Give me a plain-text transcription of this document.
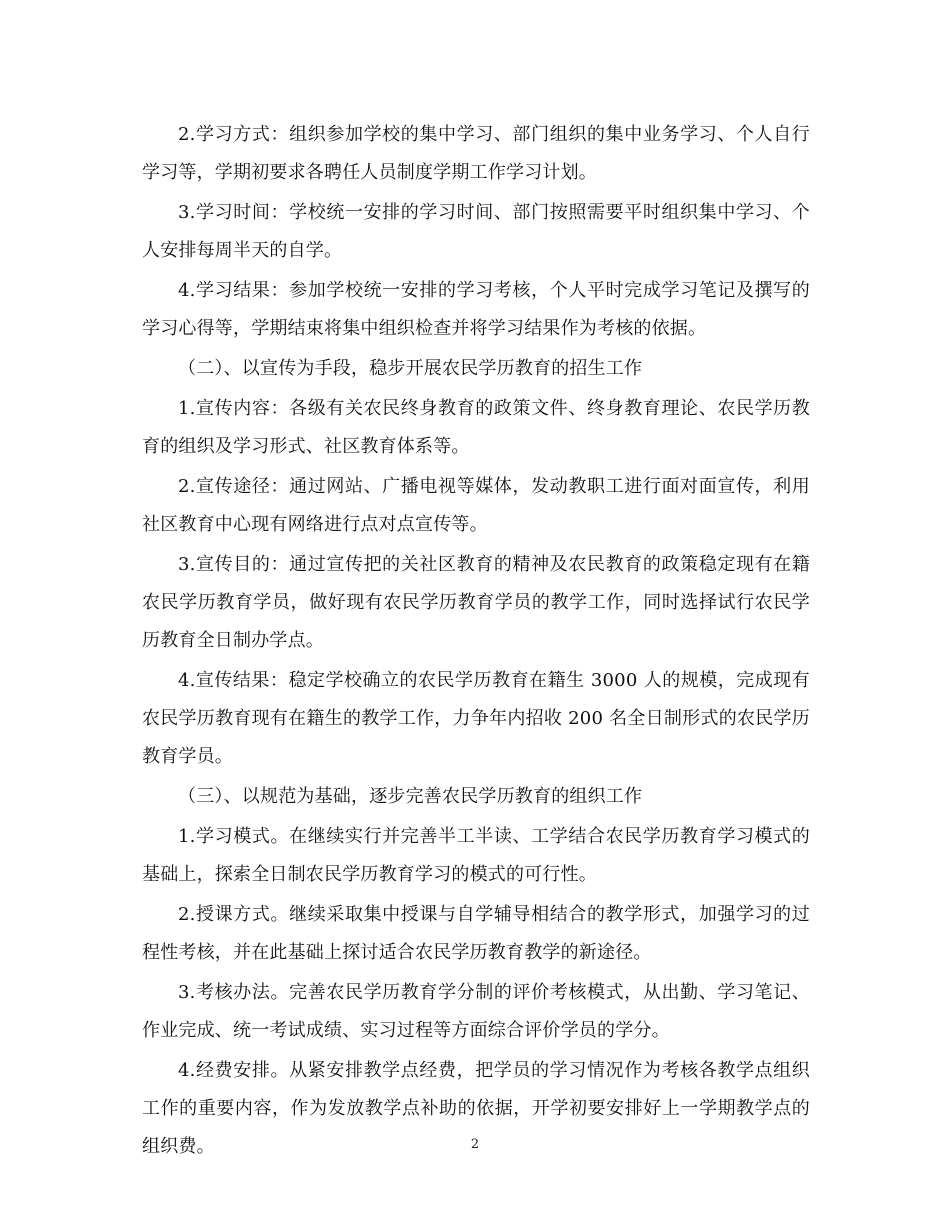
2.学习方式：组织参加学校的集中学习、部门组织的集中业务学习、个人自行学习等，学期初要求各聘任人员制度学期工作学习计划。

3.学习时间：学校统一安排的学习时间、部门按照需要平时组织集中学习、个人安排每周半天的自学。

4.学习结果：参加学校统一安排的学习考核，个人平时完成学习笔记及撰写的学习心得等，学期结束将集中组织检查并将学习结果作为考核的依据。

（二）、以宣传为手段，稳步开展农民学历教育的招生工作

1.宣传内容：各级有关农民终身教育的政策文件、终身教育理论、农民学历教育的组织及学习形式、社区教育体系等。

2.宣传途径：通过网站、广播电视等媒体，发动教职工进行面对面宣传，利用社区教育中心现有网络进行点对点宣传等。

3.宣传目的：通过宣传把的关社区教育的精神及农民教育的政策稳定现有在籍农民学历教育学员，做好现有农民学历教育学员的教学工作，同时选择试行农民学历教育全日制办学点。

4.宣传结果：稳定学校确立的农民学历教育在籍生 3000 人的规模，完成现有农民学历教育现有在籍生的教学工作，力争年内招收 200 名全日制形式的农民学历教育学员。

（三）、以规范为基础，逐步完善农民学历教育的组织工作

1.学习模式。在继续实行并完善半工半读、工学结合农民学历教育学习模式的基础上，探索全日制农民学历教育学习的模式的可行性。

2.授课方式。继续采取集中授课与自学辅导相结合的教学形式，加强学习的过程性考核，并在此基础上探讨适合农民学历教育教学的新途径。

3.考核办法。完善农民学历教育学分制的评价考核模式，从出勤、学习笔记、作业完成、统一考试成绩、实习过程等方面综合评价学员的学分。

4.经费安排。从紧安排教学点经费，把学员的学习情况作为考核各教学点组织工作的重要内容，作为发放教学点补助的依据，开学初要安排好上一学期教学点的组织费。	2
